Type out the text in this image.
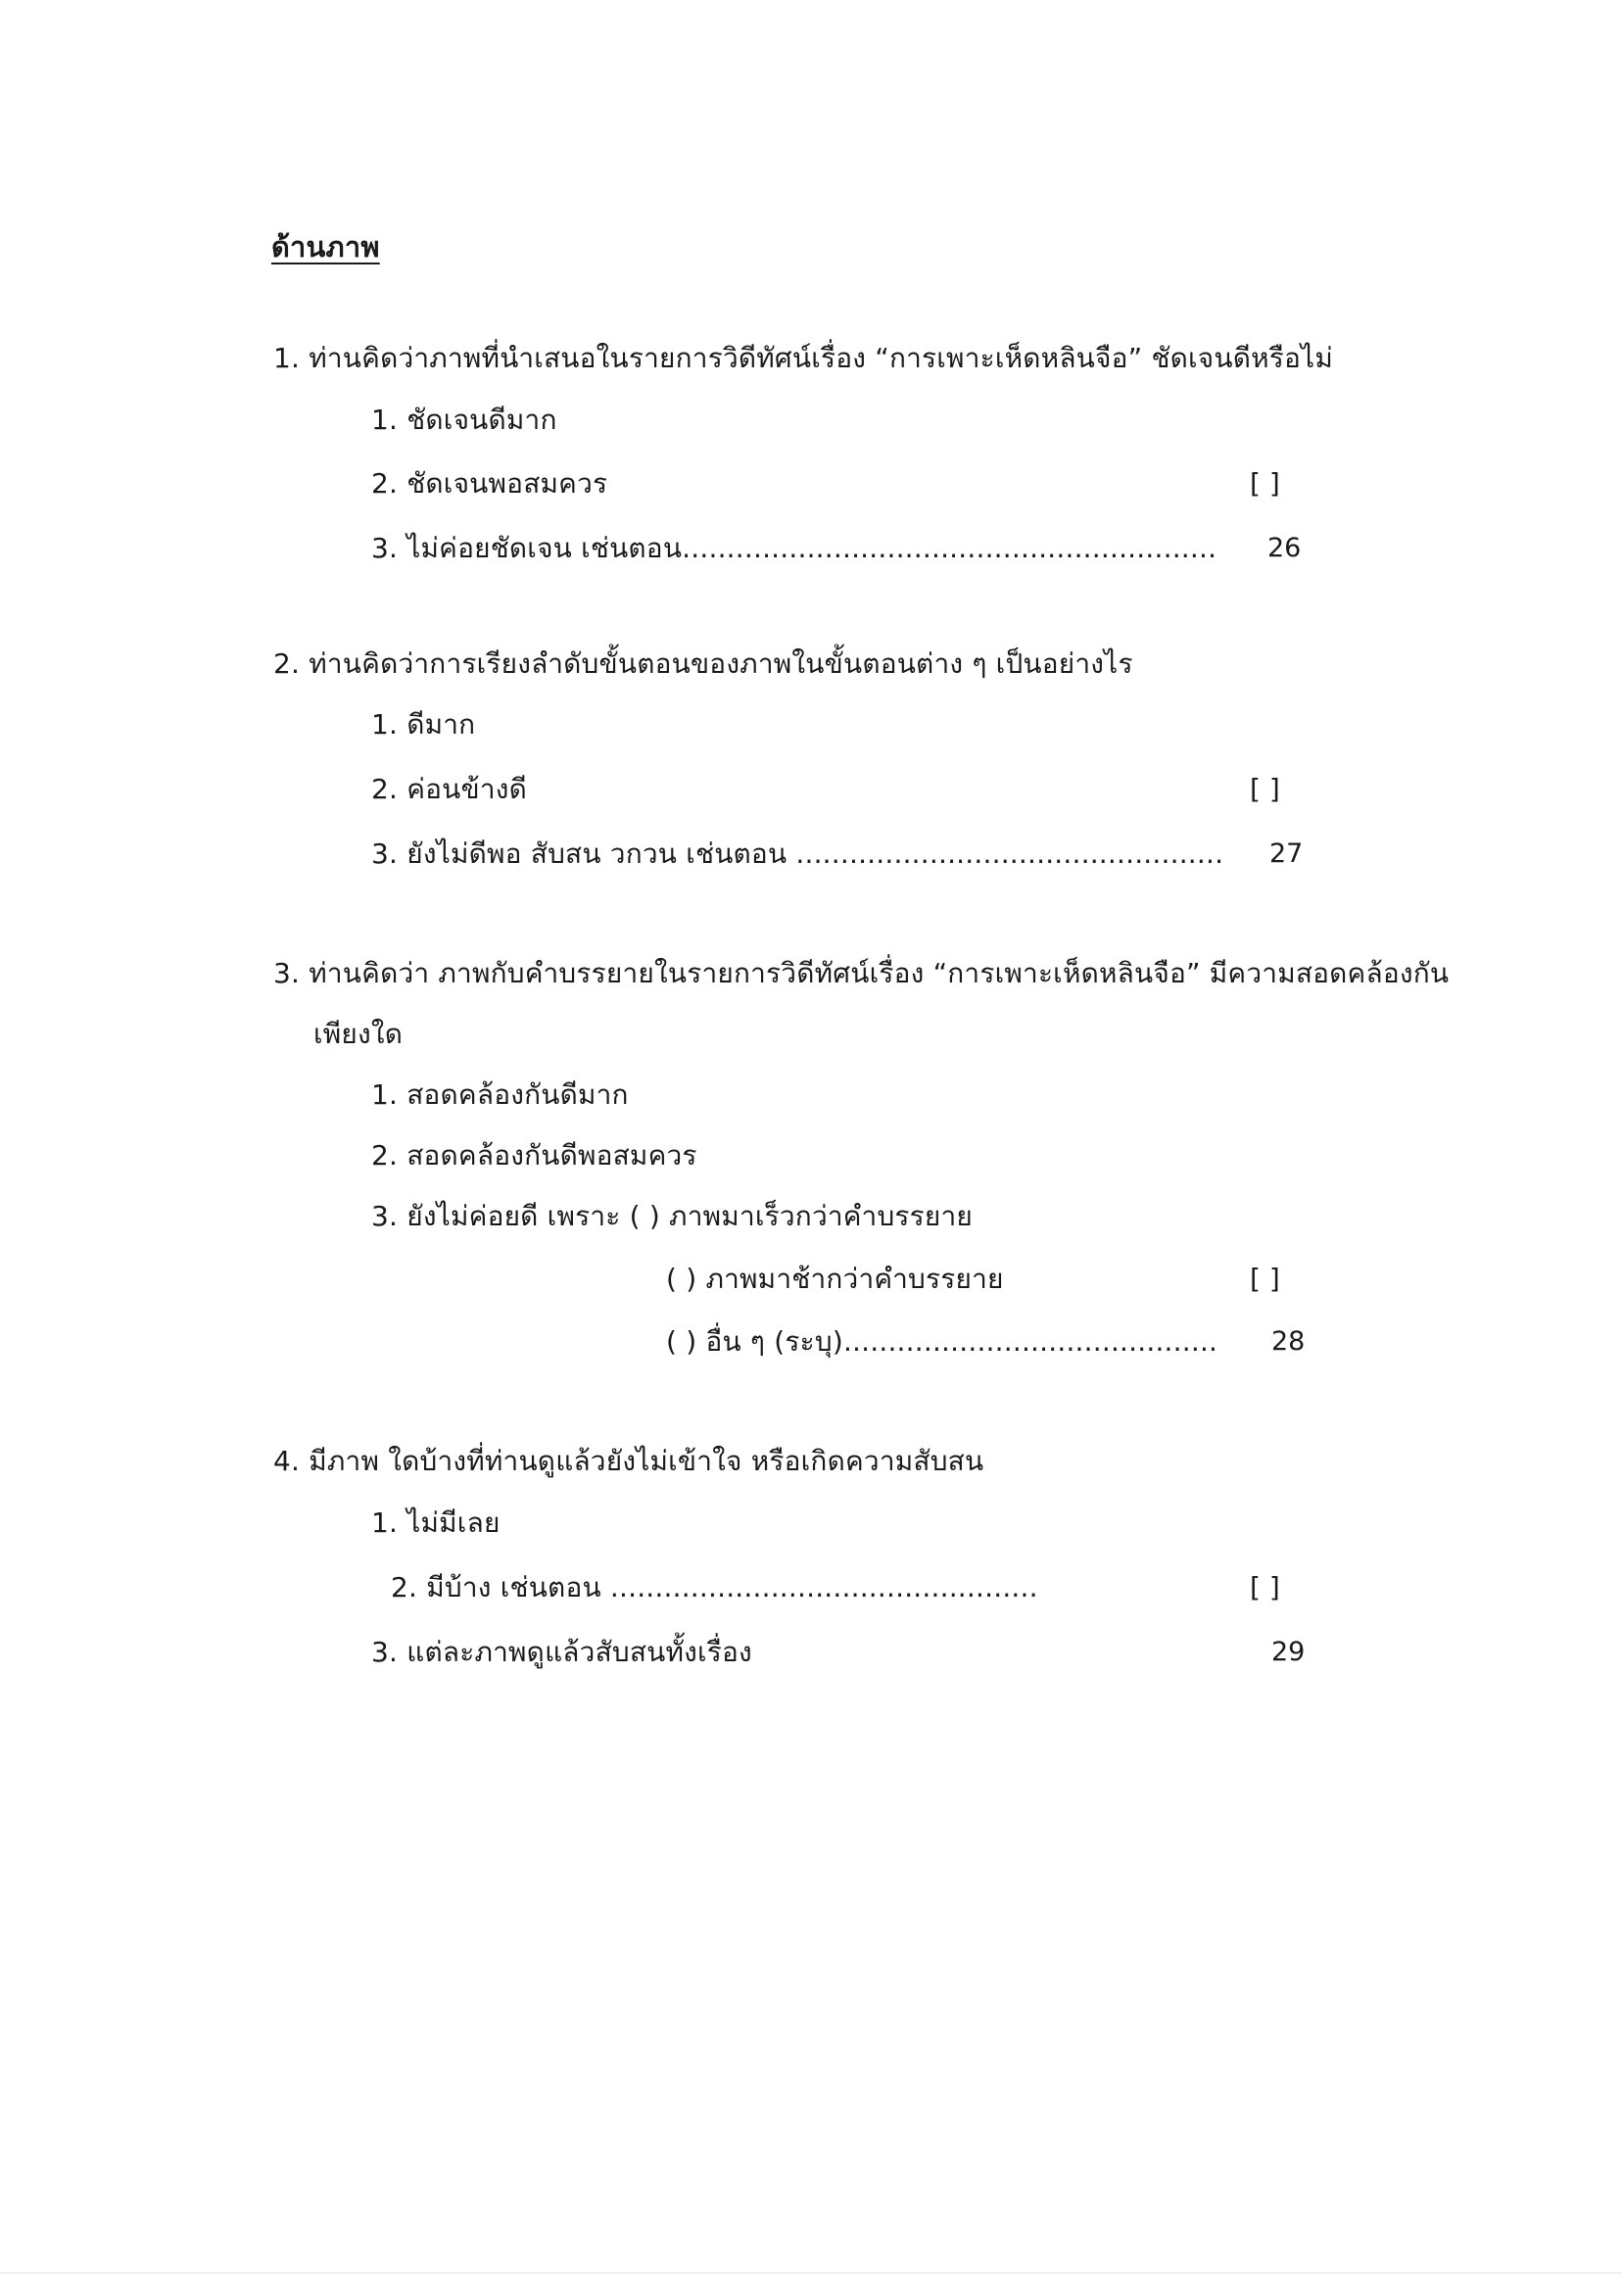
ด้านภาพ
1. ท่านคิดว่าภาพที่นำเสนอในรายการวิดีทัศน์เรื่อง “การเพาะเห็ดหลินจือ” ชัดเจนดีหรือไม่
1. ชัดเจนดีมาก
2. ชัดเจนพอสมควร	[ ]
3. ไม่ค่อยชัดเจน เช่นตอน............................................................ 26
2. ท่านคิดว่าการเรียงลำดับขั้นตอนของภาพในขั้นตอนต่าง ๆ เป็นอย่างไร
1. ดีมาก
2. ค่อนข้างดี	[ ]
3. ยังไม่ดีพอ สับสน วกวน เช่นตอน ................................................ 27
3. ท่านคิดว่า ภาพกับคำบรรยายในรายการวิดีทัศน์เรื่อง “การเพาะเห็ดหลินจือ” มีความสอดคล้องกัน
เพียงใด
1. สอดคล้องกันดีมาก
2. สอดคล้องกันดีพอสมควร
3. ยังไม่ค่อยดี เพราะ ( ) ภาพมาเร็วกว่าคำบรรยาย
( ) ภาพมาช้ากว่าคำบรรยาย	[ ]
( ) อื่น ๆ (ระบุ).......................................... 28
4. มีภาพ ใดบ้างที่ท่านดูแล้วยังไม่เข้าใจ หรือเกิดความสับสน
1. ไม่มีเลย
2. มีบ้าง เช่นตอน ................................................	[ ]
3. แต่ละภาพดูแล้วสับสนทั้งเรื่อง	29
